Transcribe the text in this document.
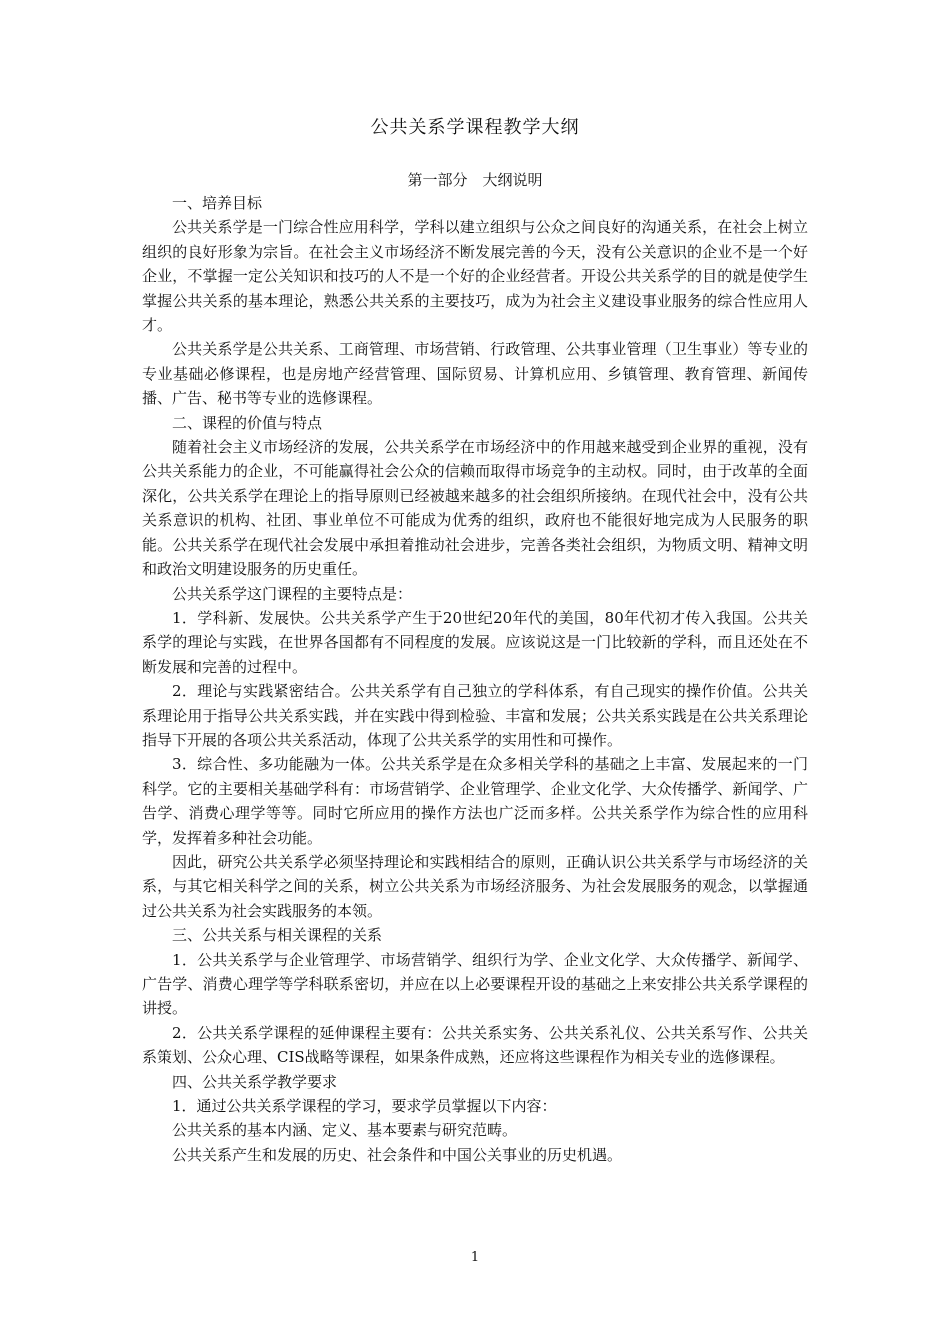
公共关系学课程教学大纲
第一部分　大纲说明

一、培养目标

公共关系学是一门综合性应用科学，学科以建立组织与公众之间良好的沟通关系，在社会上树立组织的良好形象为宗旨。在社会主义市场经济不断发展完善的今天，没有公关意识的企业不是一个好企业，不掌握一定公关知识和技巧的人不是一个好的企业经营者。开设公共关系学的目的就是使学生掌握公共关系的基本理论，熟悉公共关系的主要技巧，成为为社会主义建设事业服务的综合性应用人才。

公共关系学是公共关系、工商管理、市场营销、行政管理、公共事业管理（卫生事业）等专业的专业基础必修课程，也是房地产经营管理、国际贸易、计算机应用、乡镇管理、教育管理、新闻传播、广告、秘书等专业的选修课程。

二、课程的价值与特点

随着社会主义市场经济的发展，公共关系学在市场经济中的作用越来越受到企业界的重视，没有公共关系能力的企业，不可能赢得社会公众的信赖而取得市场竞争的主动权。同时，由于改革的全面深化，公共关系学在理论上的指导原则已经被越来越多的社会组织所接纳。在现代社会中，没有公共关系意识的机构、社团、事业单位不可能成为优秀的组织，政府也不能很好地完成为人民服务的职能。公共关系学在现代社会发展中承担着推动社会进步，完善各类社会组织，为物质文明、精神文明和政治文明建设服务的历史重任。

公共关系学这门课程的主要特点是：

1．学科新、发展快。公共关系学产生于20世纪20年代的美国，80年代初才传入我国。公共关系学的理论与实践，在世界各国都有不同程度的发展。应该说这是一门比较新的学科，而且还处在不断发展和完善的过程中。

2．理论与实践紧密结合。公共关系学有自己独立的学科体系，有自己现实的操作价值。公共关系理论用于指导公共关系实践，并在实践中得到检验、丰富和发展；公共关系实践是在公共关系理论指导下开展的各项公共关系活动，体现了公共关系学的实用性和可操作。

3．综合性、多功能融为一体。公共关系学是在众多相关学科的基础之上丰富、发展起来的一门科学。它的主要相关基础学科有：市场营销学、企业管理学、企业文化学、大众传播学、新闻学、广告学、消费心理学等等。同时它所应用的操作方法也广泛而多样。公共关系学作为综合性的应用科学，发挥着多种社会功能。

因此，研究公共关系学必须坚持理论和实践相结合的原则，正确认识公共关系学与市场经济的关系，与其它相关科学之间的关系，树立公共关系为市场经济服务、为社会发展服务的观念，以掌握通过公共关系为社会实践服务的本领。

三、公共关系与相关课程的关系

1．公共关系学与企业管理学、市场营销学、组织行为学、企业文化学、大众传播学、新闻学、广告学、消费心理学等学科联系密切，并应在以上必要课程开设的基础之上来安排公共关系学课程的讲授。

2．公共关系学课程的延伸课程主要有：公共关系实务、公共关系礼仪、公共关系写作、公共关系策划、公众心理、CIS战略等课程，如果条件成熟，还应将这些课程作为相关专业的选修课程。

四、公共关系学教学要求

1．通过公共关系学课程的学习，要求学员掌握以下内容：

公共关系的基本内涵、定义、基本要素与研究范畴。

公共关系产生和发展的历史、社会条件和中国公关事业的历史机遇。

1
